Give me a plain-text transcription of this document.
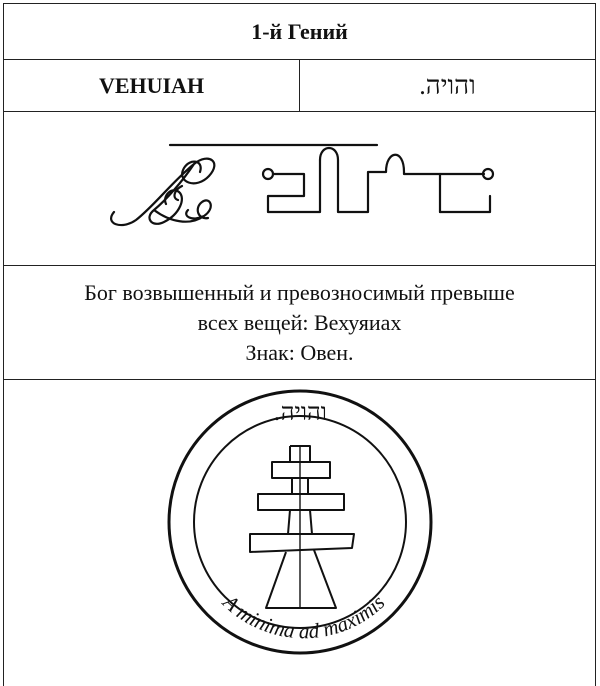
1-й Гений
VEHUIAH	והויה.
Бог возвышенный и превозносимый превыше
всех вещей: Вехуяиах
Знак: Овен.
והויה.
A minima ad maximis
